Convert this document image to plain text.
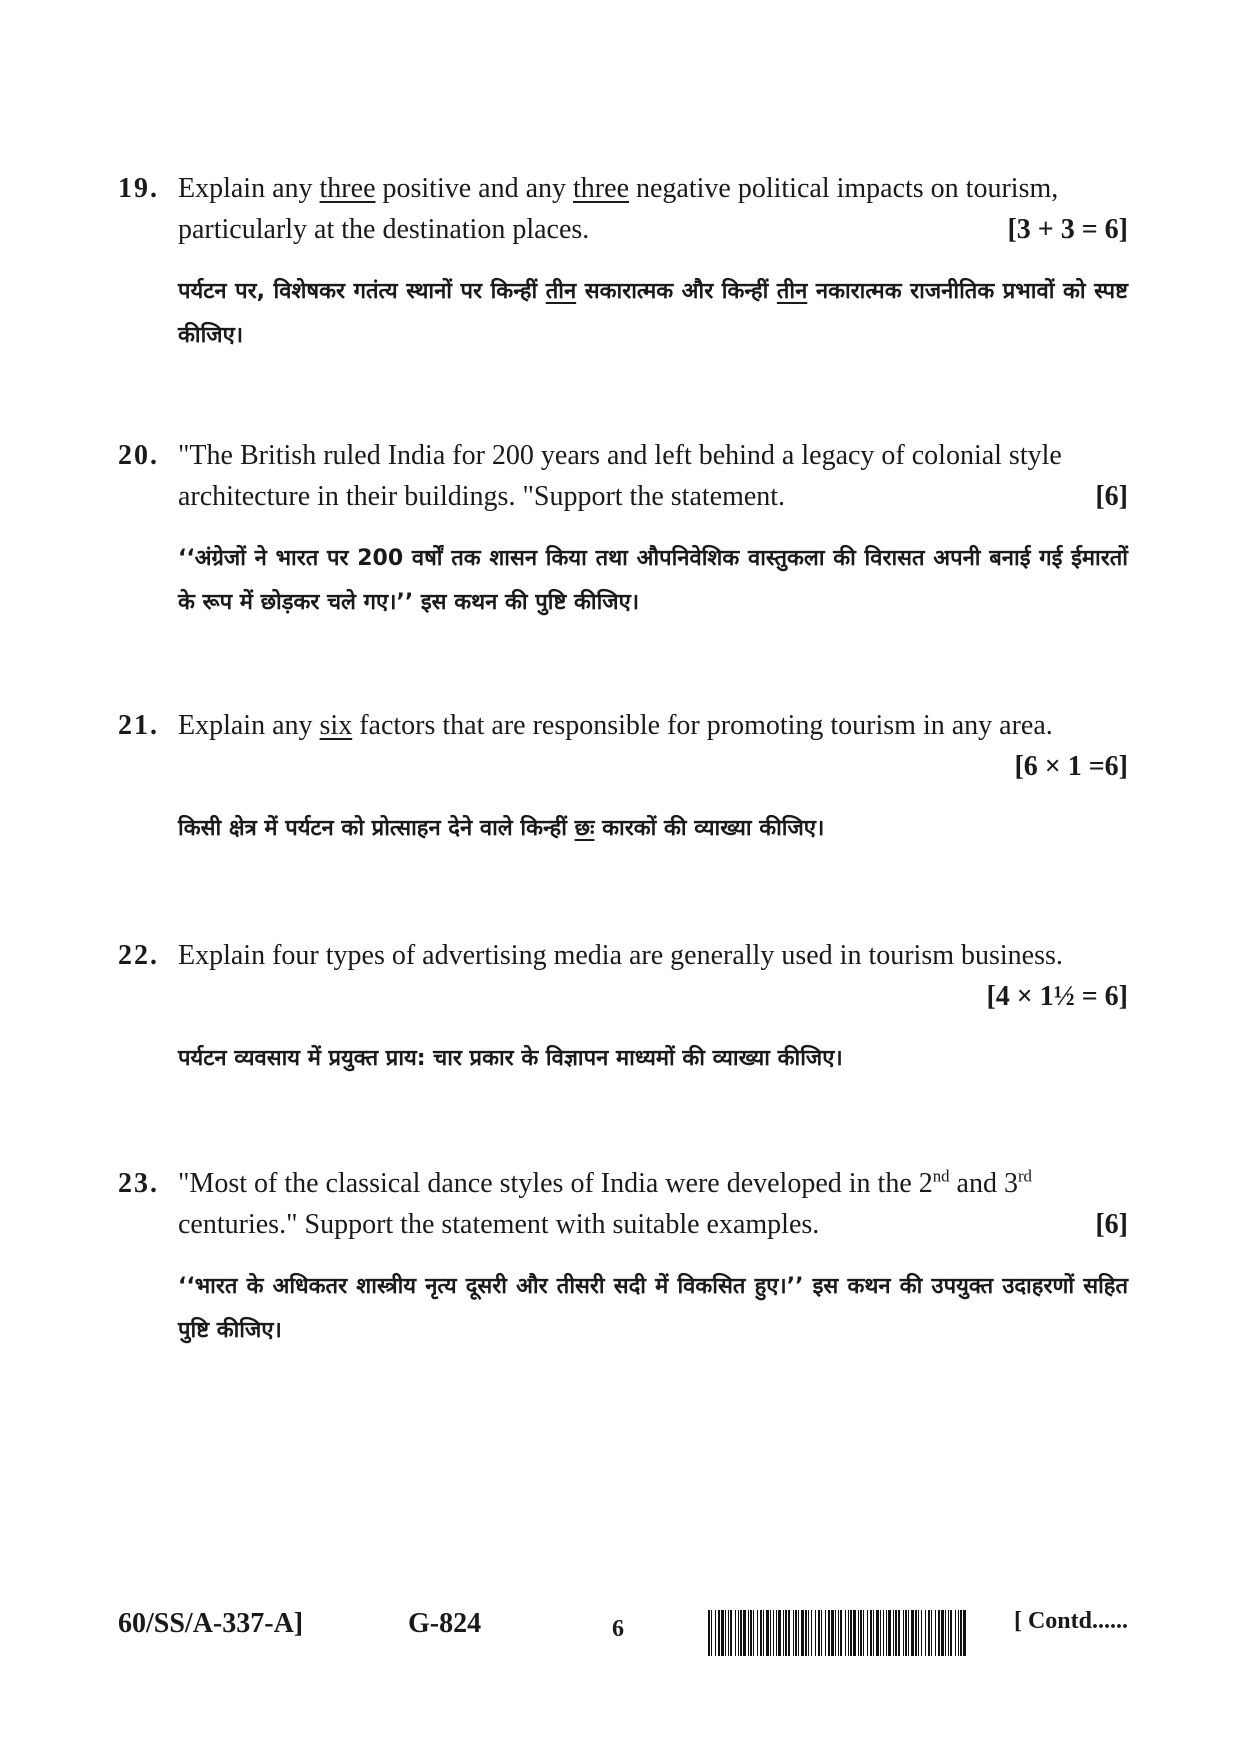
19. Explain any three positive and any three negative political impacts on tourism,
particularly at the destination places.	[3 + 3 = 6]
पर्यटन पर, विशेषकर गतंत्य स्थानों पर किन्हीं तीन सकारात्मक और किन्हीं तीन नकारात्मक राजनीतिक प्रभावों को स्पष्ट कीजिए।
20. "The British ruled India for 200 years and left behind a legacy of colonial style
architecture in their buildings. "Support the statement.	[6]
‘‘अंग्रेजों ने भारत पर 200 वर्षों तक शासन किया तथा औपनिवेशिक वास्तुकला की विरासत अपनी बनाई गई ईमारतों के रूप में छोड़कर चले गए।’’ इस कथन की पुष्टि कीजिए।
21. Explain any six factors that are responsible for promoting tourism in any area.
[6 × 1 =6]
किसी क्षेत्र में पर्यटन को प्रोत्साहन देने वाले किन्हीं छः कारकों की व्याख्या कीजिए।
22. Explain four types of advertising media are generally used in tourism business.
[4 × 1½ = 6]
पर्यटन व्यवसाय में प्रयुक्त प्राय: चार प्रकार के विज्ञापन माध्यमों की व्याख्या कीजिए।
23. "Most of the classical dance styles of India were developed in the 2nd and 3rd
centuries." Support the statement with suitable examples.	[6]
‘‘भारत के अधिकतर शास्त्रीय नृत्य दूसरी और तीसरी सदी में विकसित हुए।’’ इस कथन की उपयुक्त उदाहरणों सहित पुष्टि कीजिए।
60/SS/A-337-A]	G-824	6	[ Contd......
